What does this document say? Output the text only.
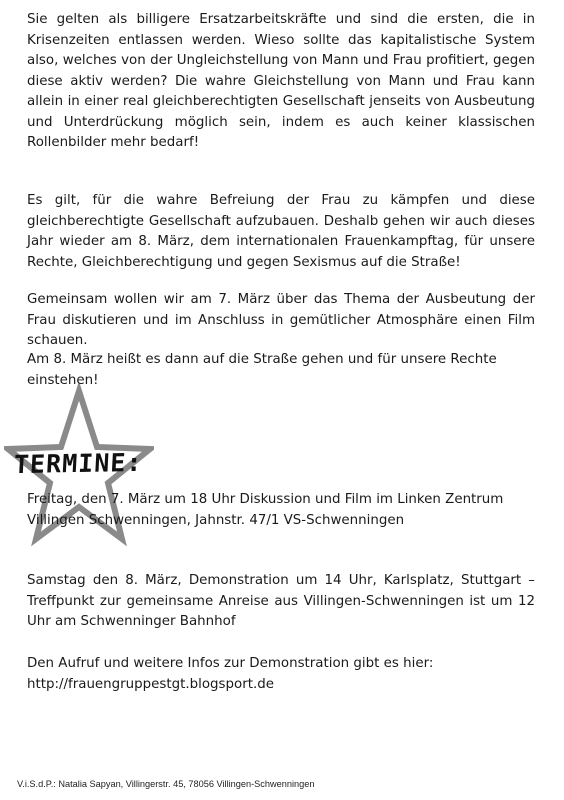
Sie gelten als billigere Ersatzarbeitskräfte und sind die ersten, die in Krisenzeiten entlassen werden. Wieso sollte das kapitalistische System also, welches von der Ungleichstellung von Mann und Frau profitiert, gegen diese aktiv werden? Die wahre Gleichstellung von Mann und Frau kann allein in einer real gleichberechtigten Gesellschaft jenseits von Ausbeutung und Unterdrückung möglich sein, indem es auch keiner klassischen Rollenbilder mehr bedarf!

Es gilt, für die wahre Befreiung der Frau zu kämpfen und diese gleichberechtigte Gesellschaft aufzubauen. Deshalb gehen wir auch dieses Jahr wieder am 8. März, dem internationalen Frauenkampftag, für unsere Rechte, Gleichberechtigung und gegen Sexismus auf die Straße!

Gemeinsam wollen wir am 7. März über das Thema der Ausbeutung der Frau diskutieren und im Anschluss in gemütlicher Atmosphäre einen Film schauen.

Am 8. März heißt es dann auf die Straße gehen und für unsere Rechte einstehen!

TERMINE:

Freitag, den 7. März um 18 Uhr Diskussion und Film im Linken Zentrum Villingen Schwenningen, Jahnstr. 47/1 VS-Schwenningen

Samstag den 8. März, Demonstration um 14 Uhr, Karlsplatz, Stuttgart – Treffpunkt zur gemeinsame Anreise aus Villingen-Schwenningen ist um 12 Uhr am Schwenninger Bahnhof

Den Aufruf und weitere Infos zur Demonstration gibt es hier: http://frauengruppestgt.blogsport.de

V.i.S.d.P.: Natalia Sapyan, Villingerstr. 45, 78056 Villingen-Schwenningen
